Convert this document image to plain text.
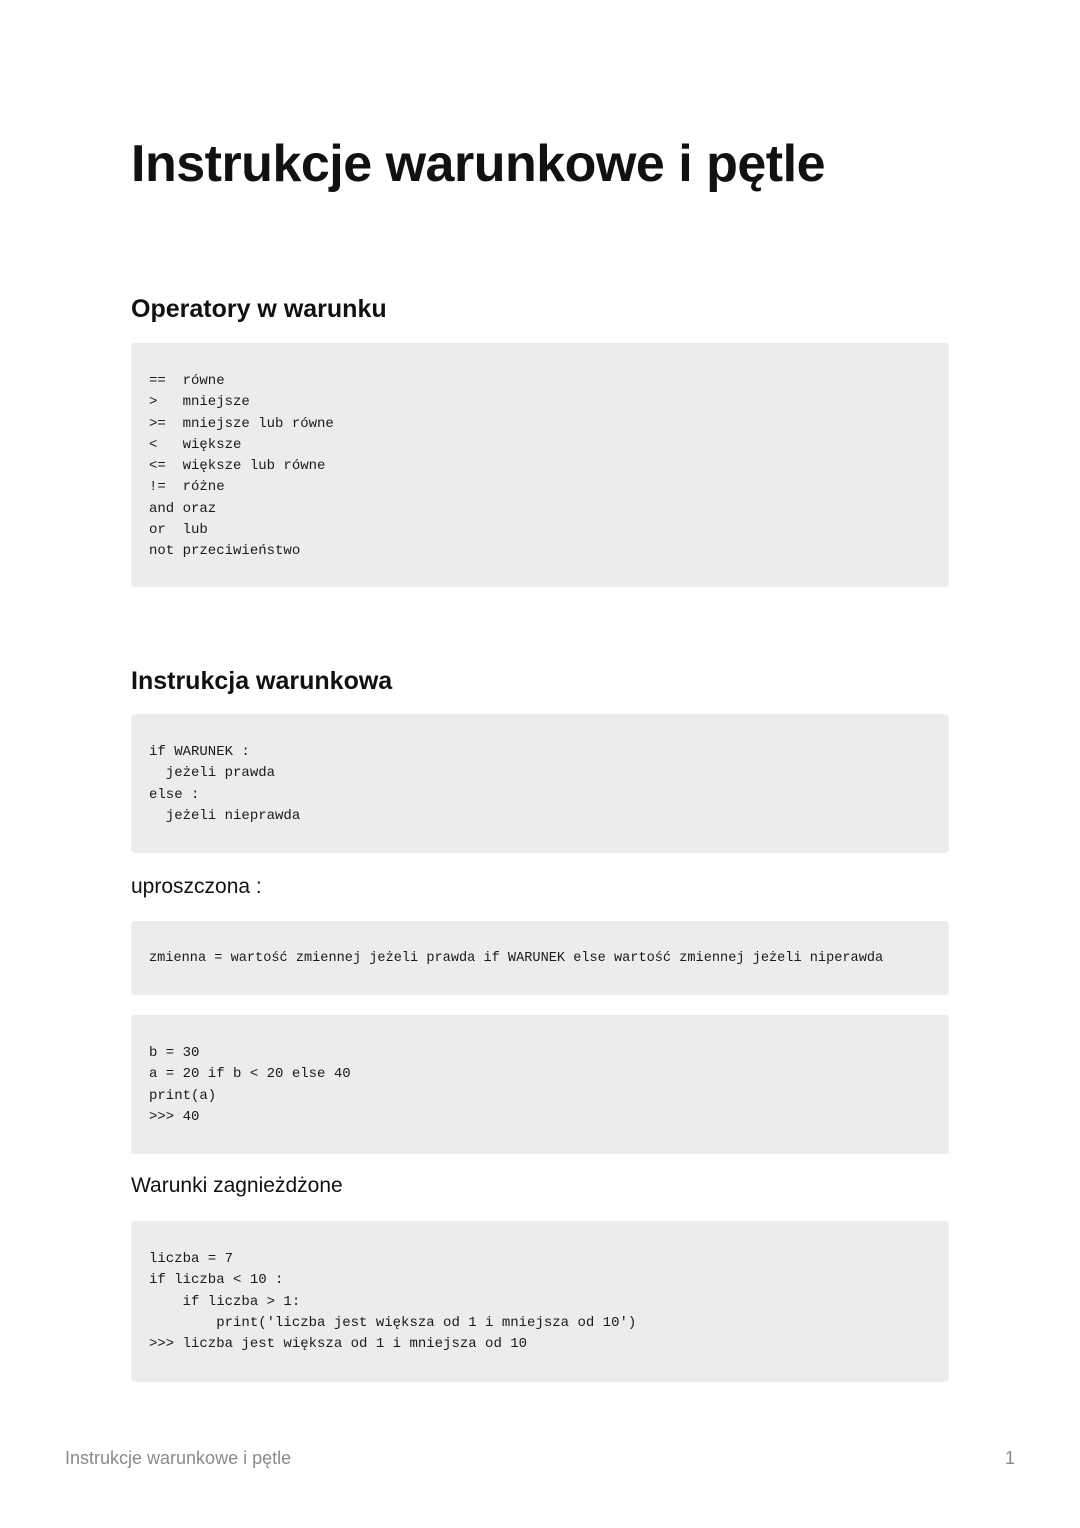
Instrukcje warunkowe i pętle
Operatory w warunku
==  równe
>   mniejsze
>=  mniejsze lub równe
<   większe
<=  większe lub równe
!=  różne
and oraz
or  lub
not przeciwieństwo
Instrukcja warunkowa
if WARUNEK :
jeżeli prawda
else :
jeżeli nieprawda

uproszczona :

zmienna = wartość zmiennej jeżeli prawda if WARUNEK else wartość zmiennej jeżeli niperawda
b = 30
a = 20 if b < 20 else 40
print(a)
>>> 40

Warunki zagnieżdżone

liczba = 7
if liczba < 10 :
if liczba > 1:
print('liczba jest większa od 1 i mniejsza od 10')
>>> liczba jest większa od 1 i mniejsza od 10
Instrukcje warunkowe i pętle	1
